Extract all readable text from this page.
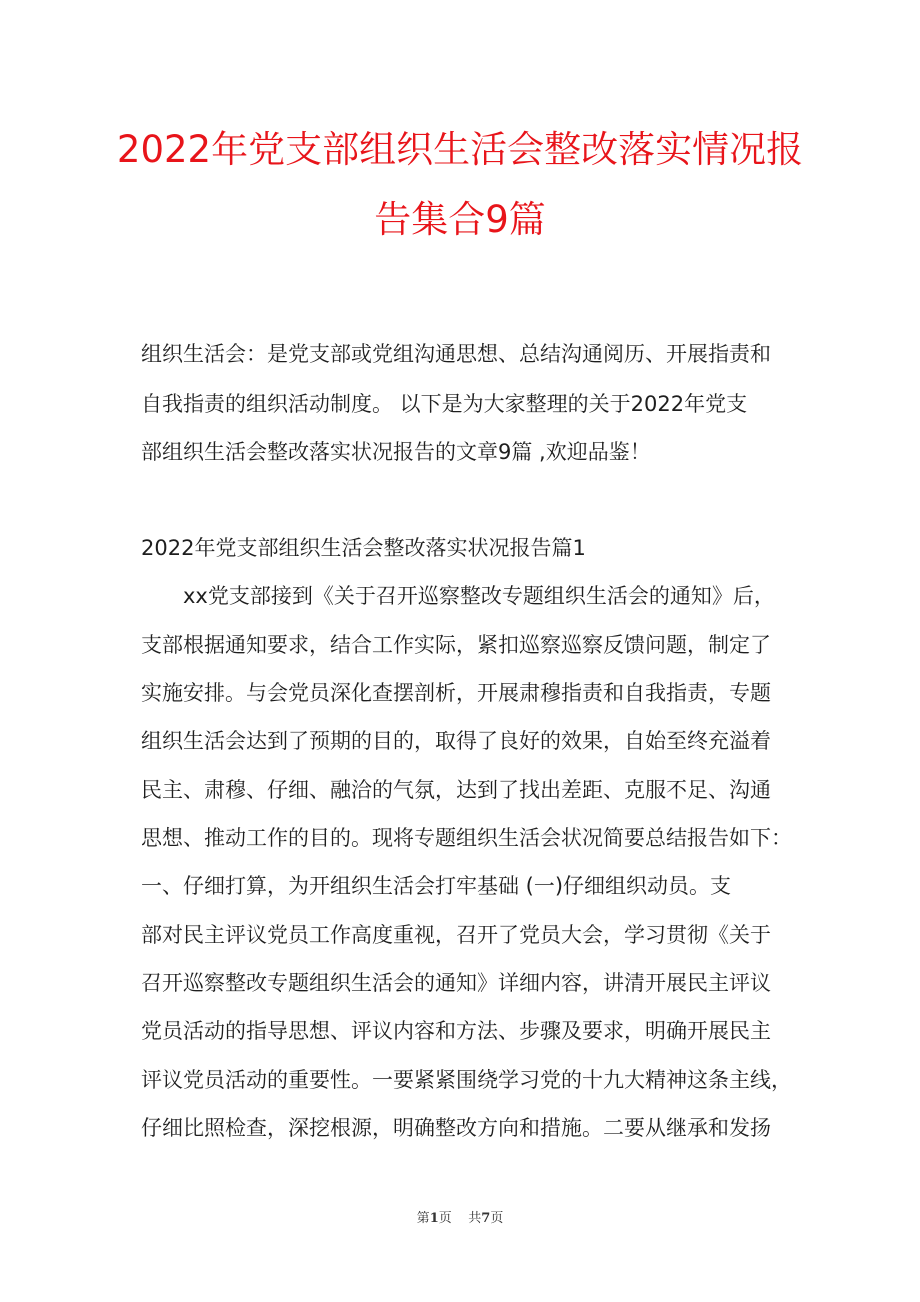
2022年党支部组织生活会整改落实情况报
告集合9篇
组织生活会：是党支部或党组沟通思想、总结沟通阅历、开展指责和
自我指责的组织活动制度。 以下是为大家整理的关于2022年党支
部组织生活会整改落实状况报告的文章9篇 ,欢迎品鉴！
2022年党支部组织生活会整改落实状况报告篇1
xx党支部接到《关于召开巡察整改专题组织生活会的通知》后，
支部根据通知要求，结合工作实际，紧扣巡察巡察反馈问题，制定了
实施安排。与会党员深化查摆剖析，开展肃穆指责和自我指责，专题
组织生活会达到了预期的目的，取得了良好的效果，自始至终充溢着
民主、肃穆、仔细、融洽的气氛，达到了找出差距、克服不足、沟通
思想、推动工作的目的。现将专题组织生活会状况简要总结报告如下：
一、仔细打算，为开组织生活会打牢基础 (一)仔细组织动员。支
部对民主评议党员工作高度重视，召开了党员大会，学习贯彻《关于
召开巡察整改专题组织生活会的通知》详细内容，讲清开展民主评议
党员活动的指导思想、评议内容和方法、步骤及要求，明确开展民主
评议党员活动的重要性。一要紧紧围绕学习党的十九大精神这条主线，
仔细比照检查，深挖根源，明确整改方向和措施。二要从继承和发扬
第1页    共7页
